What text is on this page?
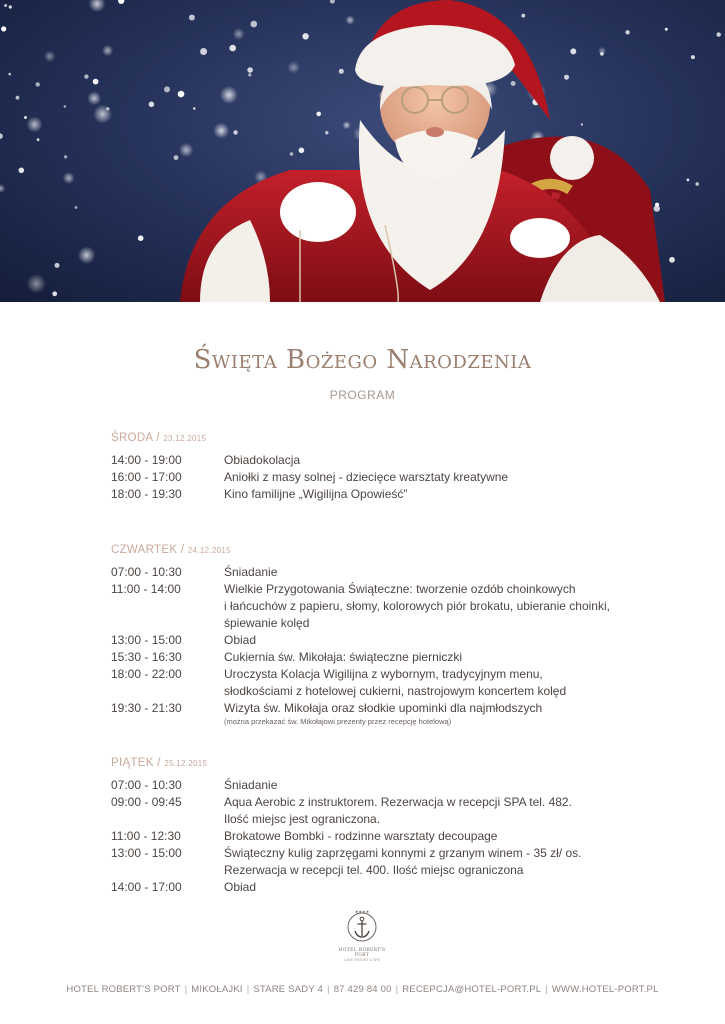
Święta Bożego Narodzenia
PROGRAM
ŚRODA / 23.12.2015
14:00 - 19:00	Obiadokolacja
16:00 - 17:00	Aniołki z masy solnej - dziecięce warsztaty kreatywne
18:00 - 19:30	Kino familijne „Wigilijna Opowieść”
CZWARTEK / 24.12.2015
07:00 - 10:30	Śniadanie
11:00 - 14:00	Wielkie Przygotowania Świąteczne: tworzenie ozdób choinkowych
i łańcuchów z papieru, słomy, kolorowych piór brokatu, ubieranie choinki,
śpiewanie kolęd
13:00 - 15:00	Obiad
15:30 - 16:30	Cukiernia św. Mikołaja: świąteczne pierniczki
18:00 - 22:00	Uroczysta Kolacja Wigilijna z wybornym, tradycyjnym menu,
słodkościami z hotelowej cukierni, nastrojowym koncertem kolęd
19:30 - 21:30	Wizyta św. Mikołaja oraz słodkie upominki dla najmłodszych
(można przekazać św. Mikołajowi prezenty przez recepcję hotelową)
PIĄTEK / 25.12.2015
07:00 - 10:30	Śniadanie
09:00 - 09:45	Aqua Aerobic z instruktorem. Rezerwacja w recepcji SPA tel. 482.
Ilość miejsc jest ograniczona.
11:00 - 12:30	Brokatowe Bombki - rodzinne warsztaty decoupage
13:00 - 15:00	Świąteczny kulig zaprzęgami konnymi z grzanym winem - 35 zł/ os.
Rezerwacja w recepcji tel. 400. Ilość miejsc ograniczona
14:00 - 17:00	Obiad
★★★★
HOTEL ROBERT'S PORT
LAKE RESORT & SPA
HOTEL ROBERT'S PORT | MIKOŁAJKI | STARE SADY 4 | 87 429 84 00 | RECEPCJA@HOTEL-PORT.PL | WWW.HOTEL-PORT.PL
